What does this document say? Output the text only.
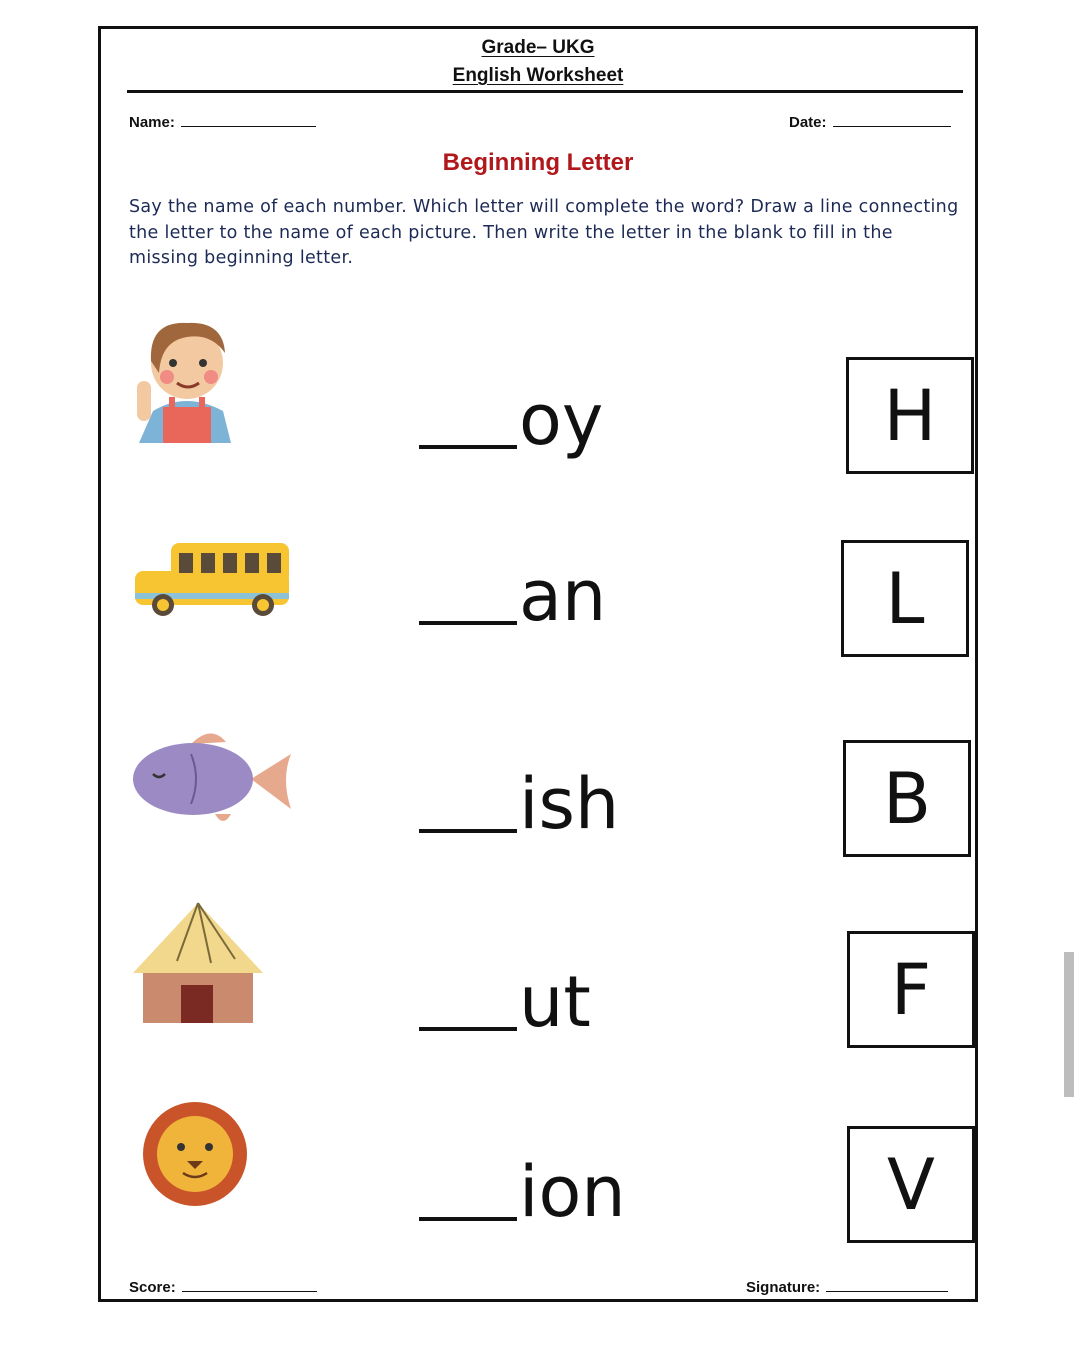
Grade– UKG
English Worksheet
Name:	Date:
Beginning Letter
Say the name of each number. Which letter will complete the word? Draw a line connecting the letter to the name of each picture. Then write the letter in the blank to fill in the missing beginning letter.
oy	H
an	L
ish	B
ut	F
ion	V
Score:	Signature:
